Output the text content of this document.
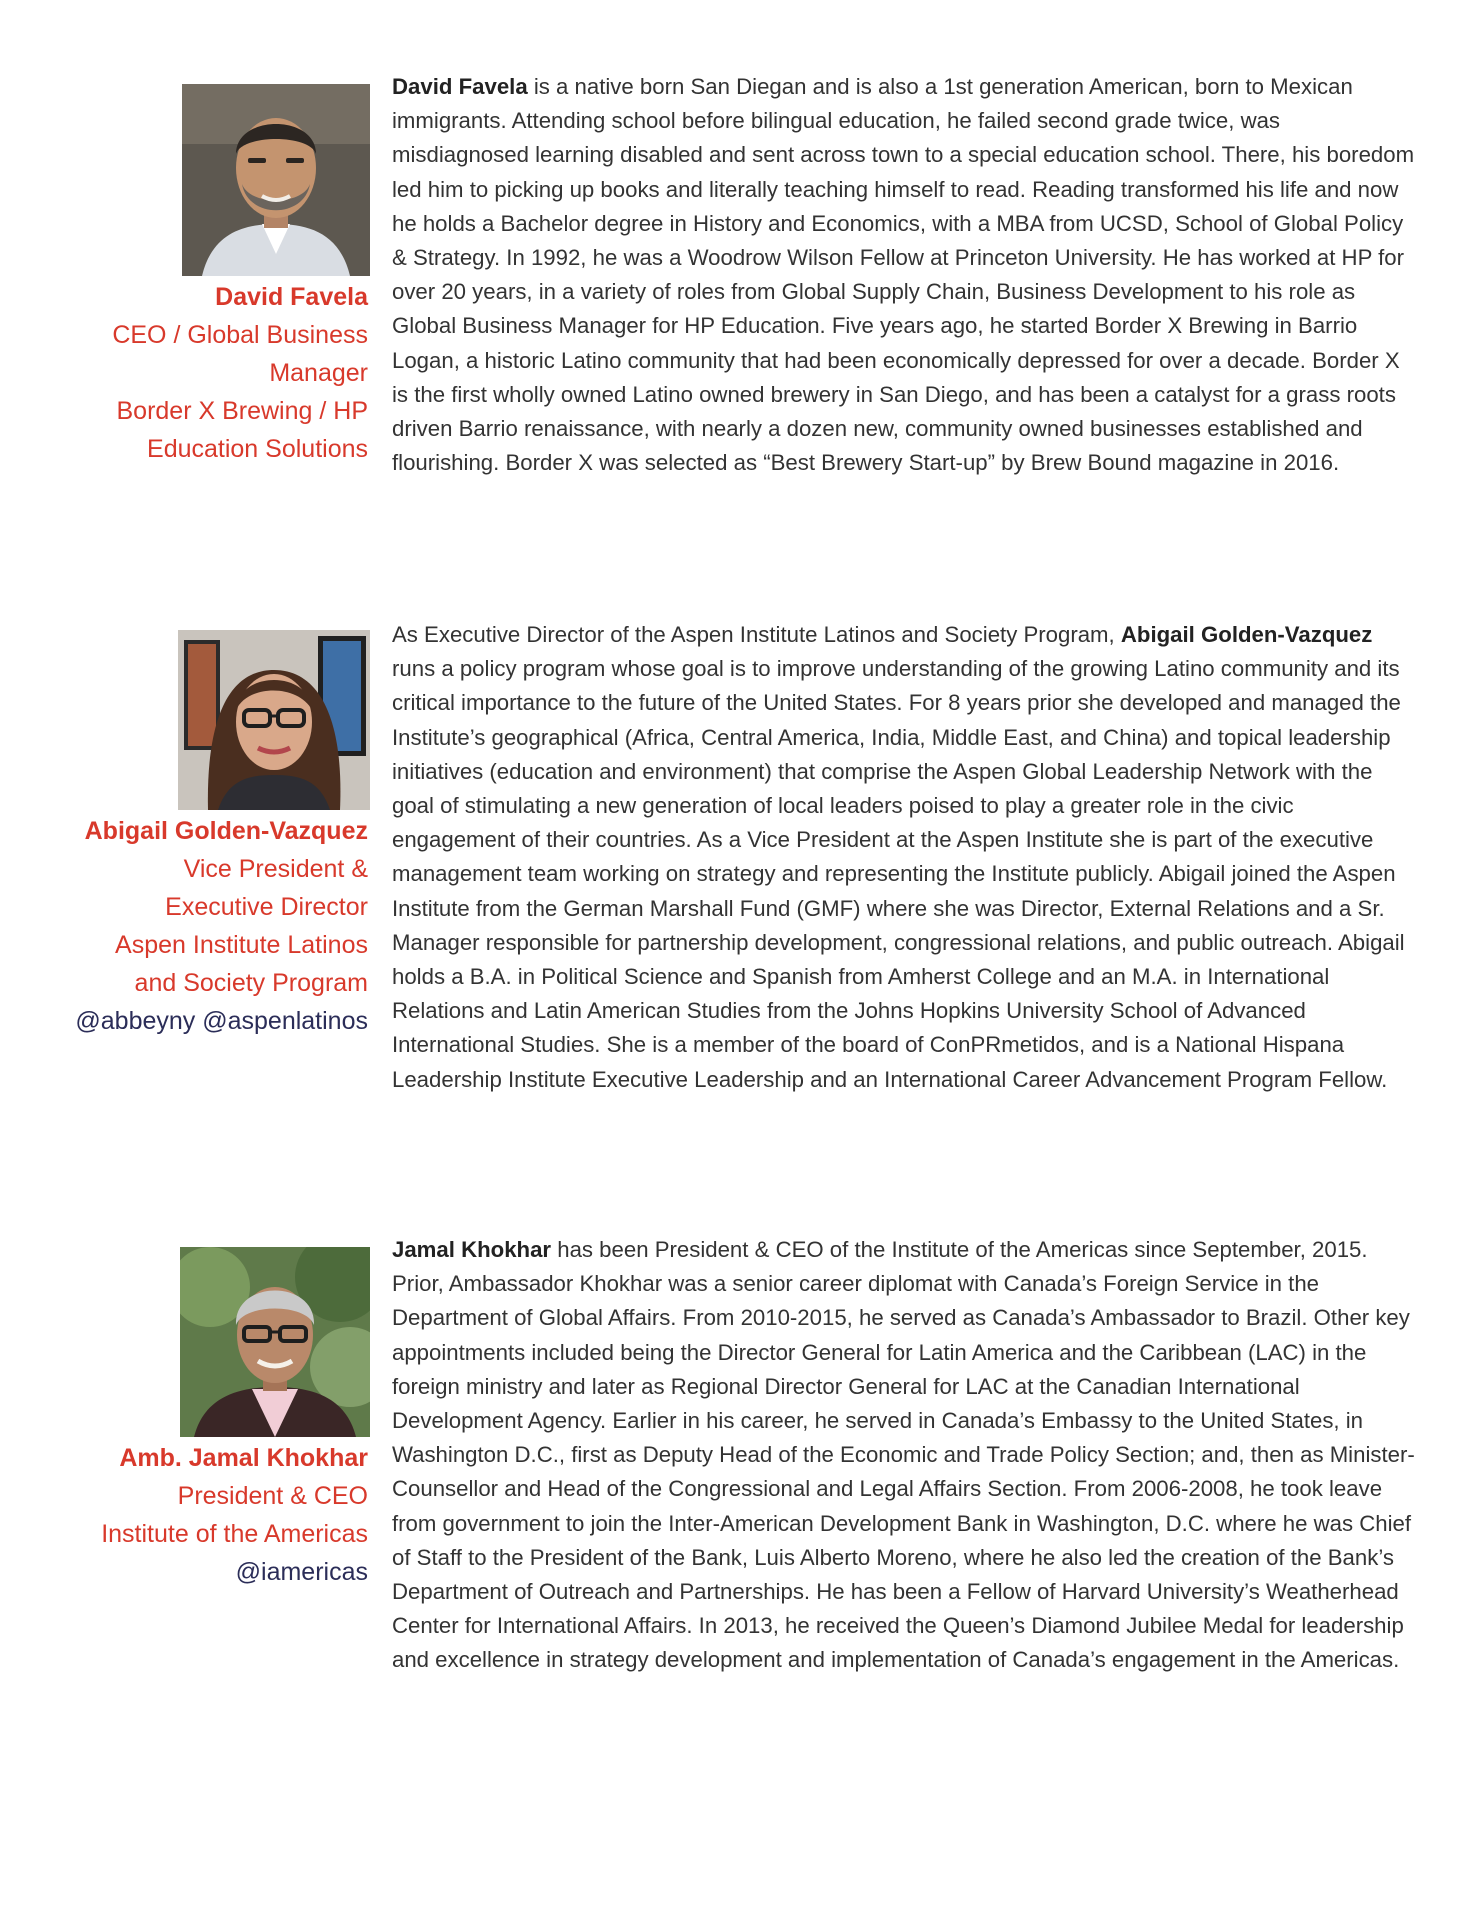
David Favela
CEO / Global Business
Manager
Border X Brewing / HP
Education Solutions

David Favela is a native born San Diegan and is also a 1st generation American, born to Mexican immigrants. Attending school before bilingual education, he failed second grade twice, was misdiagnosed learning disabled and sent across town to a special education school. There, his boredom led him to picking up books and literally teaching himself to read. Reading transformed his life and now he holds a Bachelor degree in History and Economics, with a MBA from UCSD, School of Global Policy & Strategy. In 1992, he was a Woodrow Wilson Fellow at Princeton University. He has worked at HP for over 20 years, in a variety of roles from Global Supply Chain, Business Development to his role as Global Business Manager for HP Education. Five years ago, he started Border X Brewing in Barrio Logan, a historic Latino community that had been economically depressed for over a decade. Border X is the first wholly owned Latino owned brewery in San Diego, and has been a catalyst for a grass roots driven Barrio renaissance, with nearly a dozen new, community owned businesses established and flourishing. Border X was selected as “Best Brewery Start-up” by Brew Bound magazine in 2016.

Abigail Golden-Vazquez
Vice President &
Executive Director
Aspen Institute Latinos
and Society Program
@abbeyny @aspenlatinos

As Executive Director of the Aspen Institute Latinos and Society Program, Abigail Golden-Vazquez runs a policy program whose goal is to improve understanding of the growing Latino community and its critical importance to the future of the United States. For 8 years prior she developed and managed the Institute’s geographical (Africa, Central America, India, Middle East, and China) and topical leadership initiatives (education and environment) that comprise the Aspen Global Leadership Network with the goal of stimulating a new generation of local leaders poised to play a greater role in the civic engagement of their countries. As a Vice President at the Aspen Institute she is part of the executive management team working on strategy and representing the Institute publicly. Abigail joined the Aspen Institute from the German Marshall Fund (GMF) where she was Director, External Relations and a Sr. Manager responsible for partnership development, congressional relations, and public outreach. Abigail holds a B.A. in Political Science and Spanish from Amherst College and an M.A. in International Relations and Latin American Studies from the Johns Hopkins University School of Advanced International Studies. She is a member of the board of ConPRmetidos, and is a National Hispana Leadership Institute Executive Leadership and an International Career Advancement Program Fellow.

Amb. Jamal Khokhar
President & CEO
Institute of the Americas
@iamericas

Jamal Khokhar has been President & CEO of the Institute of the Americas since September, 2015. Prior, Ambassador Khokhar was a senior career diplomat with Canada’s Foreign Service in the Department of Global Affairs. From 2010-2015, he served as Canada’s Ambassador to Brazil. Other key appointments included being the Director General for Latin America and the Caribbean (LAC) in the foreign ministry and later as Regional Director General for LAC at the Canadian International Development Agency. Earlier in his career, he served in Canada’s Embassy to the United States, in Washington D.C., first as Deputy Head of the Economic and Trade Policy Section; and, then as Minister-Counsellor and Head of the Congressional and Legal Affairs Section. From 2006-2008, he took leave from government to join the Inter-American Development Bank in Washington, D.C. where he was Chief of Staff to the President of the Bank, Luis Alberto Moreno, where he also led the creation of the Bank’s Department of Outreach and Partnerships. He has been a Fellow of Harvard University’s Weatherhead Center for International Affairs. In 2013, he received the Queen’s Diamond Jubilee Medal for leadership and excellence in strategy development and implementation of Canada’s engagement in the Americas.
